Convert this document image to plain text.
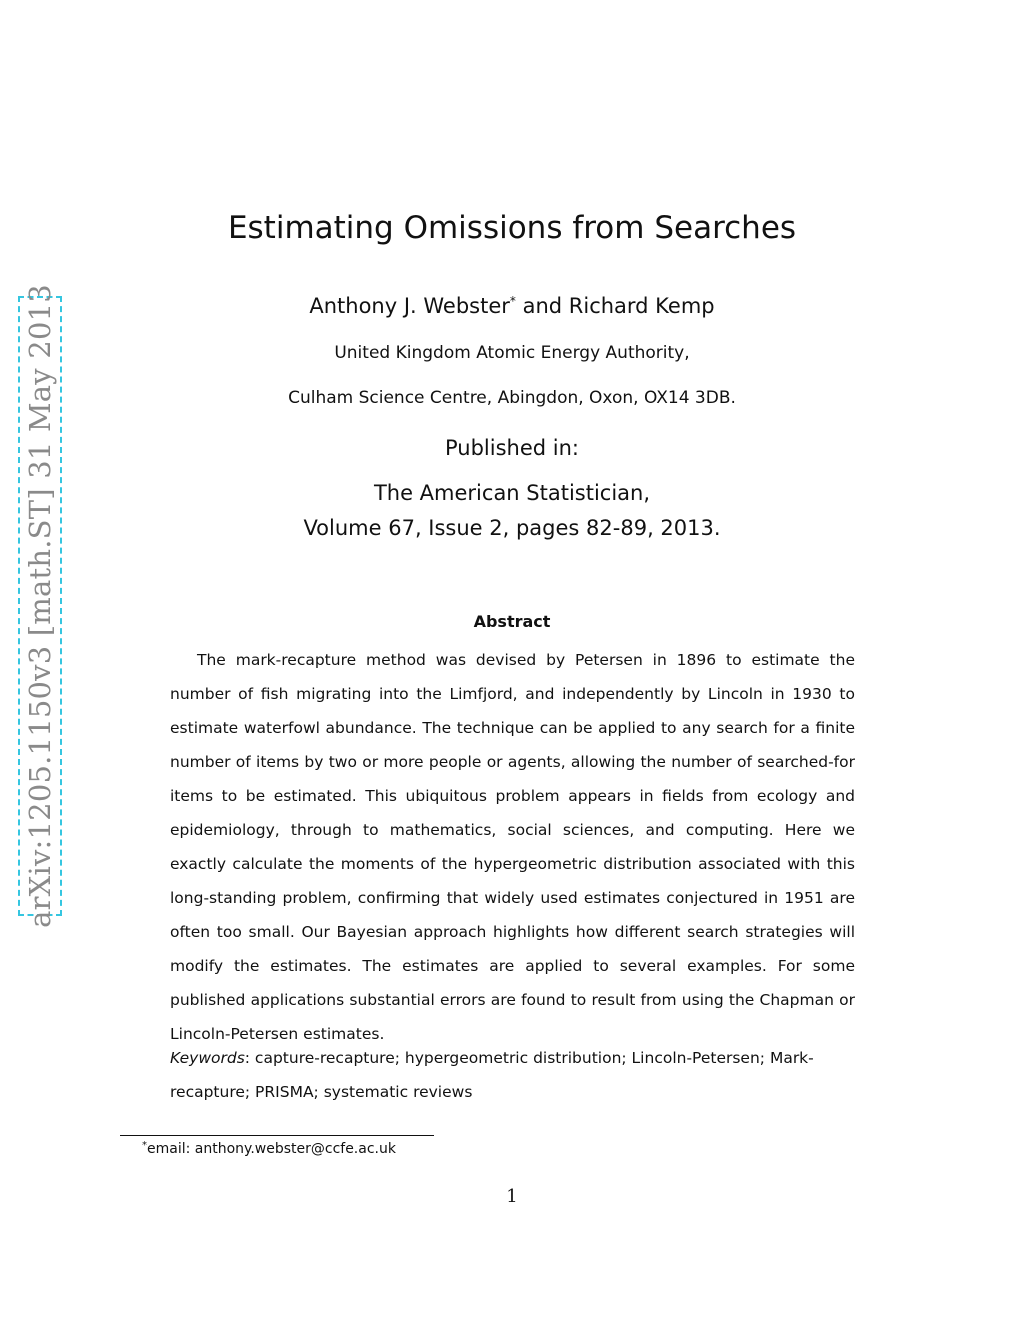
arXiv:1205.1150v3 [math.ST] 31 May 2013
Estimating Omissions from Searches
Anthony J. Webster* and Richard Kemp
United Kingdom Atomic Energy Authority,
Culham Science Centre, Abingdon, Oxon, OX14 3DB.
Published in:
The American Statistician,
Volume 67, Issue 2, pages 82-89, 2013.
Abstract
The mark-recapture method was devised by Petersen in 1896 to estimate the number of fish migrating into the Limfjord, and independently by Lincoln in 1930 to estimate waterfowl abundance. The technique can be applied to any search for a finite number of items by two or more people or agents, allowing the number of searched-for items to be estimated. This ubiquitous problem appears in fields from ecology and epidemiology, through to mathematics, social sciences, and computing. Here we exactly calculate the moments of the hypergeometric distribution associated with this long-standing problem, confirming that widely used estimates conjectured in 1951 are often too small. Our Bayesian approach highlights how different search strategies will modify the estimates. The estimates are applied to several examples. For some published applications substantial errors are found to result from using the Chapman or Lincoln-Petersen estimates.
Keywords: capture-recapture; hypergeometric distribution; Lincoln-Petersen; Mark-recapture; PRISMA; systematic reviews
*email: anthony.webster@ccfe.ac.uk
1
